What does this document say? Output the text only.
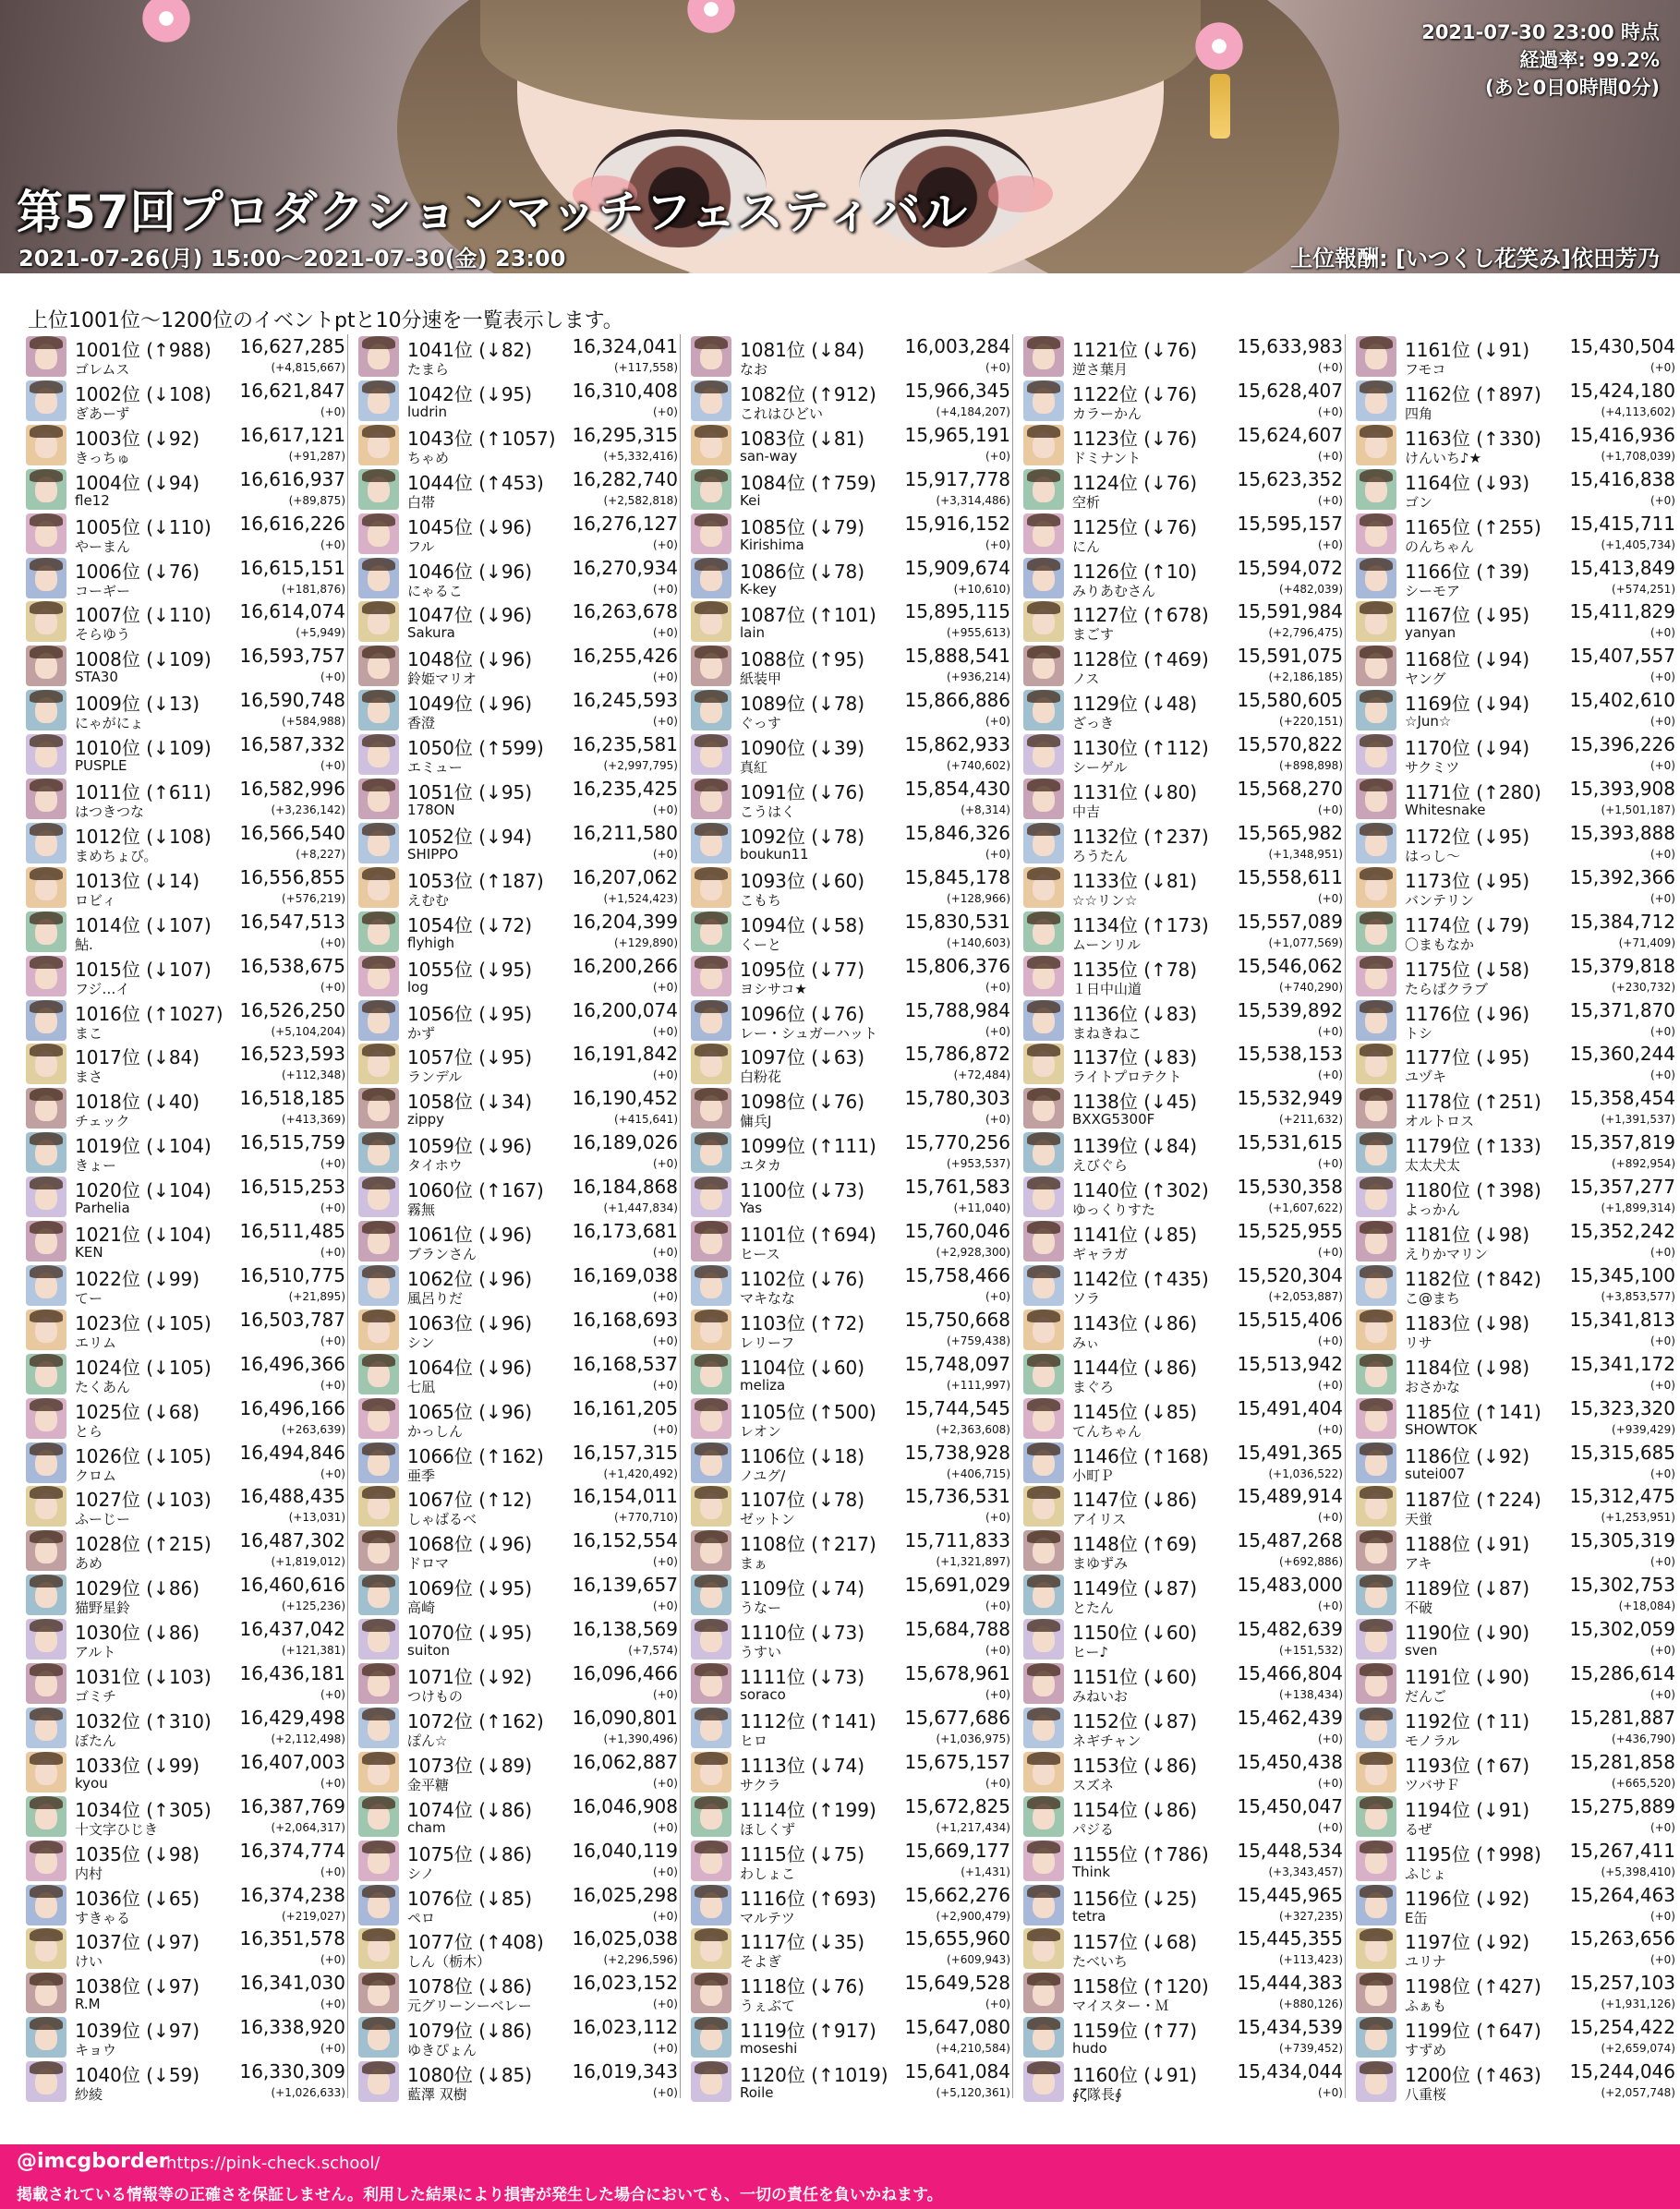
第57回プロダクションマッチフェスティバル
2021-07-26(月) 15:00～2021-07-30(金) 23:00	上位報酬: [いつくし花笑み]依田芳乃
2021-07-30 23:00 時点
経過率: 99.2%
(あと0日0時間0分)
上位1001位～1200位のイベントptと10分速を一覧表示します。
1001位 (↑988) 16,627,285
ゴレムス	(+4,815,667)
1002位 (↓108) 16,621,847
ぎあーず	(+0)
1003位 (↓92) 16,617,121
きっちゅ	(+91,287)
1004位 (↓94) 16,616,937
fle12	(+89,875)
1005位 (↓110) 16,616,226
やーまん	(+0)
1006位 (↓76) 16,615,151
コーギー	(+181,876)
1007位 (↓110) 16,614,074
そらゆう	(+5,949)
1008位 (↓109) 16,593,757
STA30	(+0)
1009位 (↓13) 16,590,748
にゃがにょ	(+584,988)
1010位 (↓109) 16,587,332
PUSPLE	(+0)
1011位 (↑611) 16,582,996
はつきつな	(+3,236,142)
1012位 (↓108) 16,566,540
まめちょび。	(+8,227)
1013位 (↓14) 16,556,855
ロビィ	(+576,219)
1014位 (↓107) 16,547,513
鮎.	(+0)
1015位 (↓107) 16,538,675
フジ…イ	(+0)
1016位 (↑1027) 16,526,250
まこ	(+5,104,204)
1017位 (↓84) 16,523,593
まさ	(+112,348)
1018位 (↓40) 16,518,185
チェック	(+413,369)
1019位 (↓104) 16,515,759
きょー	(+0)
1020位 (↓104) 16,515,253
Parhelia	(+0)
1021位 (↓104) 16,511,485
KEN	(+0)
1022位 (↓99) 16,510,775
てー	(+21,895)
1023位 (↓105) 16,503,787
エリム	(+0)
1024位 (↓105) 16,496,366
たくあん	(+0)
1025位 (↓68) 16,496,166
とら	(+263,639)
1026位 (↓105) 16,494,846
クロム	(+0)
1027位 (↓103) 16,488,435
ふーじー	(+13,031)
1028位 (↑215) 16,487,302
あめ	(+1,819,012)
1029位 (↓86) 16,460,616
猫野星鈴	(+125,236)
1030位 (↓86) 16,437,042
アルト	(+121,381)
1031位 (↓103) 16,436,181
ゴミチ	(+0)
1032位 (↑310) 16,429,498
ぼたん	(+2,112,498)
1033位 (↓99) 16,407,003
kyou	(+0)
1034位 (↑305) 16,387,769
十文字ひじき	(+2,064,317)
1035位 (↓98) 16,374,774
内村	(+0)
1036位 (↓65) 16,374,238
すきゃる	(+219,027)
1037位 (↓97) 16,351,578
けい	(+0)
1038位 (↓97) 16,341,030
R.M	(+0)
1039位 (↓97) 16,338,920
キョウ	(+0)
1040位 (↓59) 16,330,309
紗綾	(+1,026,633)
1041位 (↓82) 16,324,041
たまら	(+117,558)
1042位 (↓95) 16,310,408
ludrin	(+0)
1043位 (↑1057) 16,295,315
ちゃめ	(+5,332,416)
1044位 (↑453) 16,282,740
白帯	(+2,582,818)
1045位 (↓96) 16,276,127
フル	(+0)
1046位 (↓96) 16,270,934
にゃるこ	(+0)
1047位 (↓96) 16,263,678
Sakura	(+0)
1048位 (↓96) 16,255,426
鈴姫マリオ	(+0)
1049位 (↓96) 16,245,593
香澄	(+0)
1050位 (↑599) 16,235,581
エミュー	(+2,997,795)
1051位 (↓95) 16,235,425
178ON	(+0)
1052位 (↓94) 16,211,580
SHIPPO	(+0)
1053位 (↑187) 16,207,062
えむむ	(+1,524,423)
1054位 (↓72) 16,204,399
flyhigh	(+129,890)
1055位 (↓95) 16,200,266
log	(+0)
1056位 (↓95) 16,200,074
かず	(+0)
1057位 (↓95) 16,191,842
ランデル	(+0)
1058位 (↓34) 16,190,452
zippy	(+415,641)
1059位 (↓96) 16,189,026
タイホウ	(+0)
1060位 (↑167) 16,184,868
霧無	(+1,447,834)
1061位 (↓96) 16,173,681
ブランさん	(+0)
1062位 (↓96) 16,169,038
風呂りだ	(+0)
1063位 (↓96) 16,168,693
シン	(+0)
1064位 (↓96) 16,168,537
七凪	(+0)
1065位 (↓96) 16,161,205
かっしん	(+0)
1066位 (↑162) 16,157,315
亜季	(+1,420,492)
1067位 (↑12) 16,154,011
しゃばるべ	(+770,710)
1068位 (↓96) 16,152,554
ドロマ	(+0)
1069位 (↓95) 16,139,657
高崎	(+0)
1070位 (↓95) 16,138,569
suiton	(+7,574)
1071位 (↓92) 16,096,466
つけもの	(+0)
1072位 (↑162) 16,090,801
ぽん☆	(+1,390,496)
1073位 (↓89) 16,062,887
金平糖	(+0)
1074位 (↓86) 16,046,908
cham	(+0)
1075位 (↓86) 16,040,119
シノ	(+0)
1076位 (↓85) 16,025,298
ペロ	(+0)
1077位 (↑408) 16,025,038
しん（栃木）	(+2,296,596)
1078位 (↓86) 16,023,152
元グリーンーベレー	(+0)
1079位 (↓86) 16,023,112
ゆきぴょん	(+0)
1080位 (↓85) 16,019,343
藍澤 双樹	(+0)
1081位 (↓84) 16,003,284
なお	(+0)
1082位 (↑912) 15,966,345
これはひどい	(+4,184,207)
1083位 (↓81) 15,965,191
san-way	(+0)
1084位 (↑759) 15,917,778
Kei	(+3,314,486)
1085位 (↓79) 15,916,152
Kirishima	(+0)
1086位 (↓78) 15,909,674
K-key	(+10,610)
1087位 (↑101) 15,895,115
lain	(+955,613)
1088位 (↑95) 15,888,541
紙装甲	(+936,214)
1089位 (↓78) 15,866,886
ぐっす	(+0)
1090位 (↓39) 15,862,933
真紅	(+740,602)
1091位 (↓76) 15,854,430
こうはく	(+8,314)
1092位 (↓78) 15,846,326
boukun11	(+0)
1093位 (↓60) 15,845,178
こもち	(+128,966)
1094位 (↓58) 15,830,531
くーと	(+140,603)
1095位 (↓77) 15,806,376
ヨシサコ★	(+0)
1096位 (↓76) 15,788,984
レー・シュガーハット	(+0)
1097位 (↓63) 15,786,872
白粉花	(+72,484)
1098位 (↓76) 15,780,303
傭兵J	(+0)
1099位 (↑111) 15,770,256
ユタカ	(+953,537)
1100位 (↓73) 15,761,583
Yas	(+11,040)
1101位 (↑694) 15,760,046
ヒース	(+2,928,300)
1102位 (↓76) 15,758,466
マキなな	(+0)
1103位 (↑72) 15,750,668
レリーフ	(+759,438)
1104位 (↓60) 15,748,097
meliza	(+111,997)
1105位 (↑500) 15,744,545
レオン	(+2,363,608)
1106位 (↓18) 15,738,928
ノユグ/	(+406,715)
1107位 (↓78) 15,736,531
ゼットン	(+0)
1108位 (↑217) 15,711,833
まぁ	(+1,321,897)
1109位 (↓74) 15,691,029
うなー	(+0)
1110位 (↓73) 15,684,788
うすい	(+0)
1111位 (↓73) 15,678,961
soraco	(+0)
1112位 (↑141) 15,677,686
ヒロ	(+1,036,975)
1113位 (↓74) 15,675,157
サクラ	(+0)
1114位 (↑199) 15,672,825
ほしくず	(+1,217,434)
1115位 (↓75) 15,669,177
わしょこ	(+1,431)
1116位 (↑693) 15,662,276
マルテツ	(+2,900,479)
1117位 (↓35) 15,655,960
そよぎ	(+609,943)
1118位 (↓76) 15,649,528
うぇぶて	(+0)
1119位 (↑917) 15,647,080
moseshi	(+4,210,584)
1120位 (↑1019) 15,641,084
Roile	(+5,120,361)
1121位 (↓76) 15,633,983
逆さ葉月	(+0)
1122位 (↓76) 15,628,407
カラーかん	(+0)
1123位 (↓76) 15,624,607
ドミナント	(+0)
1124位 (↓76) 15,623,352
空析	(+0)
1125位 (↓76) 15,595,157
にん	(+0)
1126位 (↑10) 15,594,072
みりあむさん	(+482,039)
1127位 (↑678) 15,591,984
まごす	(+2,796,475)
1128位 (↑469) 15,591,075
ノス	(+2,186,185)
1129位 (↓48) 15,580,605
ざっき	(+220,151)
1130位 (↑112) 15,570,822
シーゲル	(+898,898)
1131位 (↓80) 15,568,270
中吉	(+0)
1132位 (↑237) 15,565,982
ろうたん	(+1,348,951)
1133位 (↓81) 15,558,611
☆☆リン☆	(+0)
1134位 (↑173) 15,557,089
ムーンリル	(+1,077,569)
1135位 (↑78) 15,546,062
１日中山道	(+740,290)
1136位 (↓83) 15,539,892
まねきねこ	(+0)
1137位 (↓83) 15,538,153
ライトプロテクト	(+0)
1138位 (↓45) 15,532,949
BXXG5300F	(+211,632)
1139位 (↓84) 15,531,615
えびぐら	(+0)
1140位 (↑302) 15,530,358
ゆっくりすた	(+1,607,622)
1141位 (↓85) 15,525,955
ギャラガ	(+0)
1142位 (↑435) 15,520,304
ソラ	(+2,053,887)
1143位 (↓86) 15,515,406
みぃ	(+0)
1144位 (↓86) 15,513,942
まぐろ	(+0)
1145位 (↓85) 15,491,404
てんちゃん	(+0)
1146位 (↑168) 15,491,365
小町Ｐ	(+1,036,522)
1147位 (↓86) 15,489,914
アイリス	(+0)
1148位 (↑69) 15,487,268
まゆずみ	(+692,886)
1149位 (↓87) 15,483,000
とたん	(+0)
1150位 (↓60) 15,482,639
ヒー♪	(+151,532)
1151位 (↓60) 15,466,804
みねいお	(+138,434)
1152位 (↓87) 15,462,439
ネギチャン	(+0)
1153位 (↓86) 15,450,438
スズネ	(+0)
1154位 (↓86) 15,450,047
パジる	(+0)
1155位 (↑786) 15,448,534
Think	(+3,343,457)
1156位 (↓25) 15,445,965
tetra	(+327,235)
1157位 (↓68) 15,445,355
たべいち	(+113,423)
1158位 (↑120) 15,444,383
マイスター・Ｍ	(+880,126)
1159位 (↑77) 15,434,539
hudo	(+739,452)
1160位 (↓91) 15,434,044
∮ζ隊長∮	(+0)
1161位 (↓91) 15,430,504
フモコ	(+0)
1162位 (↑897) 15,424,180
四角	(+4,113,602)
1163位 (↑330) 15,416,936
けんいち♪★	(+1,708,039)
1164位 (↓93) 15,416,838
ゴン	(+0)
1165位 (↑255) 15,415,711
のんちゃん	(+1,405,734)
1166位 (↑39) 15,413,849
シーモア	(+574,251)
1167位 (↓95) 15,411,829
yanyan	(+0)
1168位 (↓94) 15,407,557
ヤング	(+0)
1169位 (↓94) 15,402,610
☆Jun☆	(+0)
1170位 (↓94) 15,396,226
サクミツ	(+0)
1171位 (↑280) 15,393,908
Whitesnake	(+1,501,187)
1172位 (↓95) 15,393,888
はっし～	(+0)
1173位 (↓95) 15,392,366
バンテリン	(+0)
1174位 (↓79) 15,384,712
〇まもなか	(+71,409)
1175位 (↓58) 15,379,818
たらばクラブ	(+230,732)
1176位 (↓96) 15,371,870
トシ	(+0)
1177位 (↓95) 15,360,244
ユヅキ	(+0)
1178位 (↑251) 15,358,454
オルトロス	(+1,391,537)
1179位 (↑133) 15,357,819
太太犬太	(+892,954)
1180位 (↑398) 15,357,277
よっかん	(+1,899,314)
1181位 (↓98) 15,352,242
えりかマリン	(+0)
1182位 (↑842) 15,345,100
こ@まち	(+3,853,577)
1183位 (↓98) 15,341,813
リサ	(+0)
1184位 (↓98) 15,341,172
おさかな	(+0)
1185位 (↑141) 15,323,320
SHOWTOK	(+939,429)
1186位 (↓92) 15,315,685
sutei007	(+0)
1187位 (↑224) 15,312,475
天蛍	(+1,253,951)
1188位 (↓91) 15,305,319
アキ	(+0)
1189位 (↓87) 15,302,753
不破	(+18,084)
1190位 (↓90) 15,302,059
sven	(+0)
1191位 (↓90) 15,286,614
だんご	(+0)
1192位 (↑11) 15,281,887
モノラル	(+436,790)
1193位 (↑67) 15,281,858
ツバサＦ	(+665,520)
1194位 (↓91) 15,275,889
るぜ	(+0)
1195位 (↑998) 15,267,411
ふじょ	(+5,398,410)
1196位 (↓92) 15,264,463
E缶	(+0)
1197位 (↓92) 15,263,656
ユリナ	(+0)
1198位 (↑427) 15,257,103
ふぁも	(+1,931,126)
1199位 (↑647) 15,254,422
すずめ	(+2,659,074)
1200位 (↑463) 15,244,046
八重桜	(+2,057,748)
@imcgborder
https://pink-check.school/
掲載されている情報等の正確さを保証しません。利用した結果により損害が発生した場合においても、一切の責任を負いかねます。
